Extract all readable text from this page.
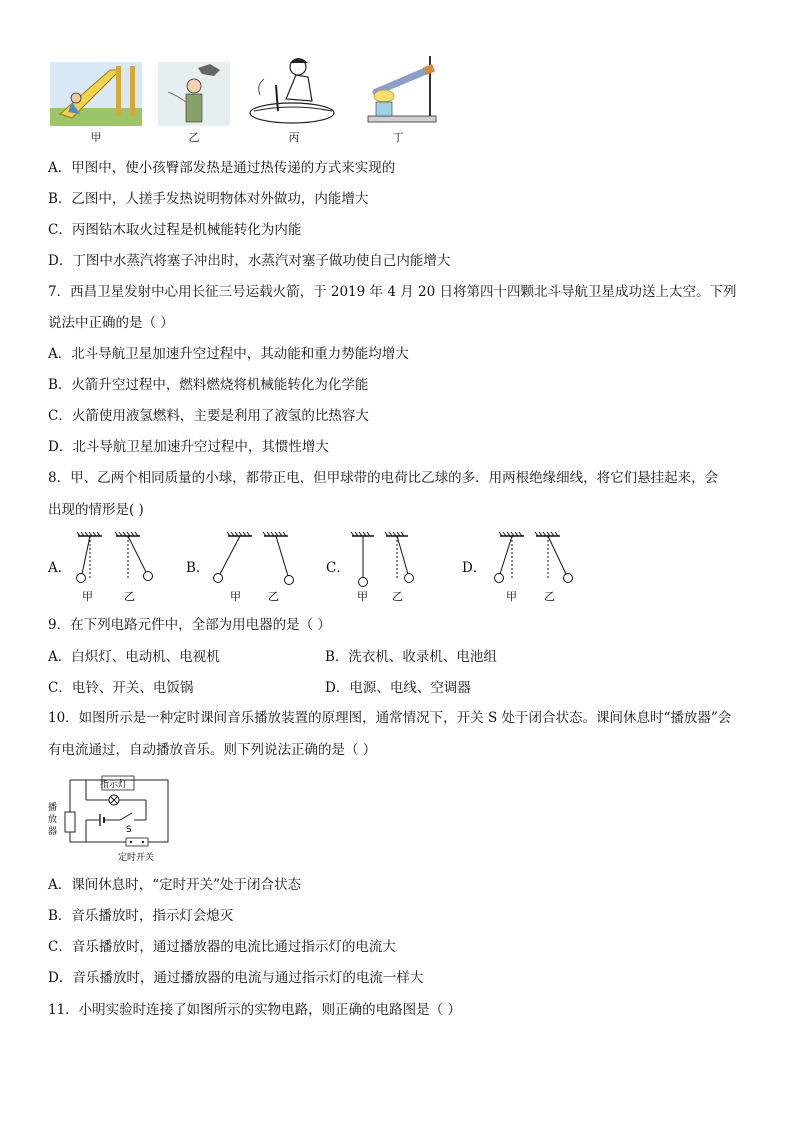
甲	乙	丙	丁
A．甲图中，使小孩臀部发热是通过热传递的方式来实现的
B．乙图中，人搓手发热说明物体对外做功，内能增大
C．丙图钻木取火过程是机械能转化为内能
D．丁图中水蒸汽将塞子冲出时，水蒸汽对塞子做功使自己内能增大
7．西昌卫星发射中心用长征三号运载火箭，于 2019 年 4 月 20 日将第四十四颗北斗导航卫星成功送上太空。下列
说法中正确的是（ ）
A．北斗导航卫星加速升空过程中，其动能和重力势能均增大
B．火箭升空过程中，燃料燃烧将机械能转化为化学能
C．火箭使用液氢燃料，主要是利用了液氢的比热容大
D．北斗导航卫星加速升空过程中，其惯性增大
8．甲、乙两个相同质量的小球，都带正电，但甲球带的电荷比乙球的多．用两根绝缘细线，将它们悬挂起来，会
出现的情形是( )
A．
甲	乙
B．
甲 乙
C．
甲 乙
D．
甲 乙
9．在下列电路元件中，全部为用电器的是（ ）
A．白炽灯、电动机、电视机	B．洗衣机、收录机、电池组
C．电铃、开关、电饭锅	D．电源、电线、空调器
10．如图所示是一种定时课间音乐播放装置的原理图，通常情况下，开关 S 处于闭合状态。课间休息时“播放器”会
有电流通过，自动播放音乐。则下列说法正确的是（ ）
指示灯
播
放
器	S
定时开关
A．课间休息时，“定时开关”处于闭合状态
B．音乐播放时，指示灯会熄灭
C．音乐播放时，通过播放器的电流比通过指示灯的电流大
D．音乐播放时，通过播放器的电流与通过指示灯的电流一样大
11．小明实验时连接了如图所示的实物电路，则正确的电路图是（ ）
